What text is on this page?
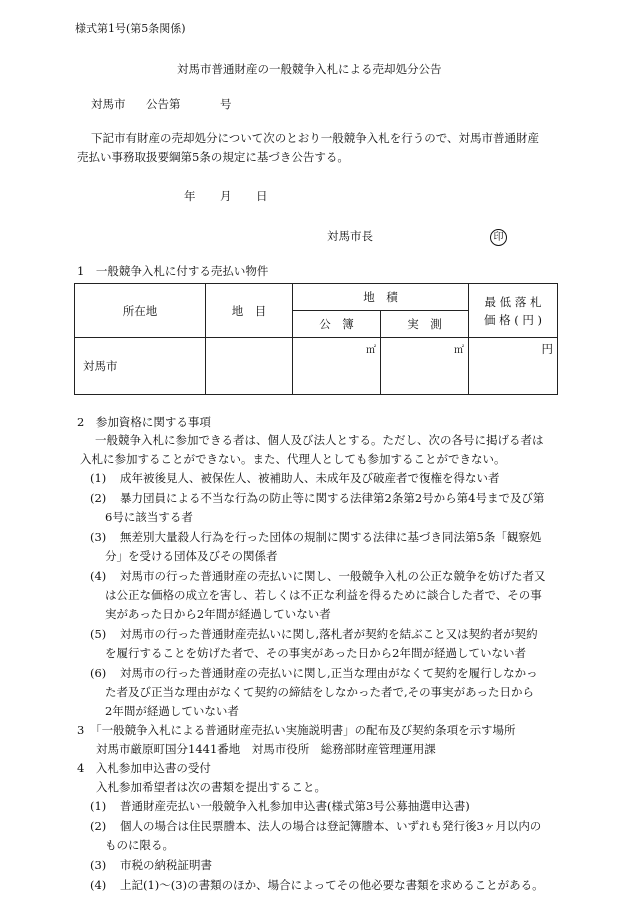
様式第1号(第5条関係)
対馬市普通財産の一般競争入札による売却処分公告
対馬市 公告第	号
下記市有財産の売却処分について次のとおり一般競争入札を行うので、対馬市普通財産
売払い事務取扱要綱第5条の規定に基づき公告する。
年 月 日
対馬市長	印
1　一般競争入札に付する売払い物件
所在地	地　目	地　積		最 低 落 札
価 格 ( 円 )

		公　簿	実　測	
対馬市		㎡	㎡	円
2　参加資格に関する事項
一般競争入札に参加できる者は、個人及び法人とする。ただし、次の各号に掲げる者は
入札に参加することができない。また、代理人としても参加することができない。
(1) 成年被後見人、被保佐人、被補助人、未成年及び破産者で復権を得ない者
(2) 暴力団員による不当な行為の防止等に関する法律第2条第2号から第4号まで及び第
6号に該当する者
(3) 無差別大量殺人行為を行った団体の規制に関する法律に基づき同法第5条「観察処
分」を受ける団体及びその関係者
(4) 対馬市の行った普通財産の売払いに関し、一般競争入札の公正な競争を妨げた者又
は公正な価格の成立を害し、若しくは不正な利益を得るために談合した者で、その事
実があった日から2年間が経過していない者
(5) 対馬市の行った普通財産売払いに関し,落札者が契約を結ぶこと又は契約者が契約
を履行することを妨げた者で、その事実があった日から2年間が経過していない者
(6) 対馬市の行った普通財産の売払いに関し,正当な理由がなくて契約を履行しなかっ
た者及び正当な理由がなくて契約の締結をしなかった者で,その事実があった日から
2年間が経過していない者
3　「一般競争入札による普通財産売払い実施説明書」の配布及び契約条項を示す場所
対馬市厳原町国分1441番地　対馬市役所　総務部財産管理運用課
4　入札参加申込書の受付
入札参加希望者は次の書類を提出すること。
(1) 普通財産売払い一般競争入札参加申込書(様式第3号公募抽選申込書)
(2) 個人の場合は住民票謄本、法人の場合は登記簿謄本、いずれも発行後3ヶ月以内の
ものに限る。
(3) 市税の納税証明書
(4) 上記(1)～(3)の書類のほか、場合によってその他必要な書類を求めることがある。
